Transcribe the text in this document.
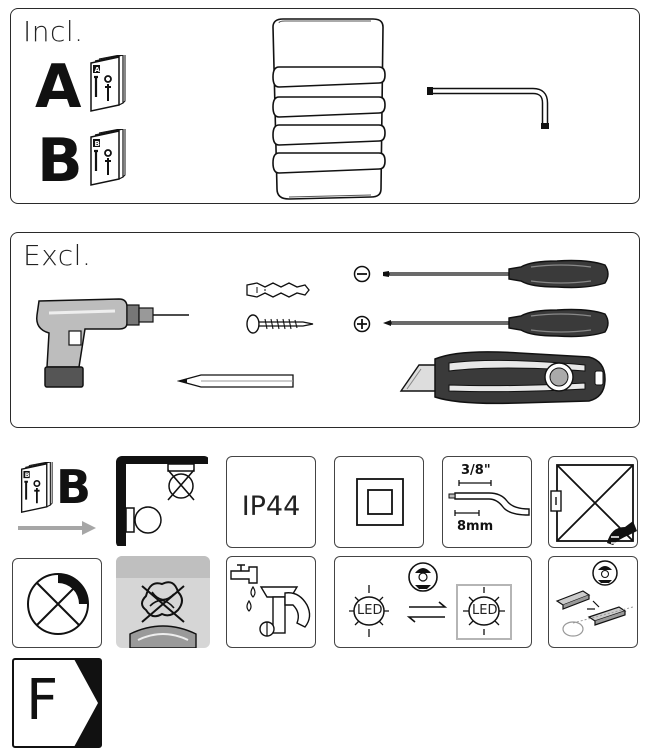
Incl.
A A
B B
Excl.
B B	IP44
3/8"
8mm
LED	LED
F
